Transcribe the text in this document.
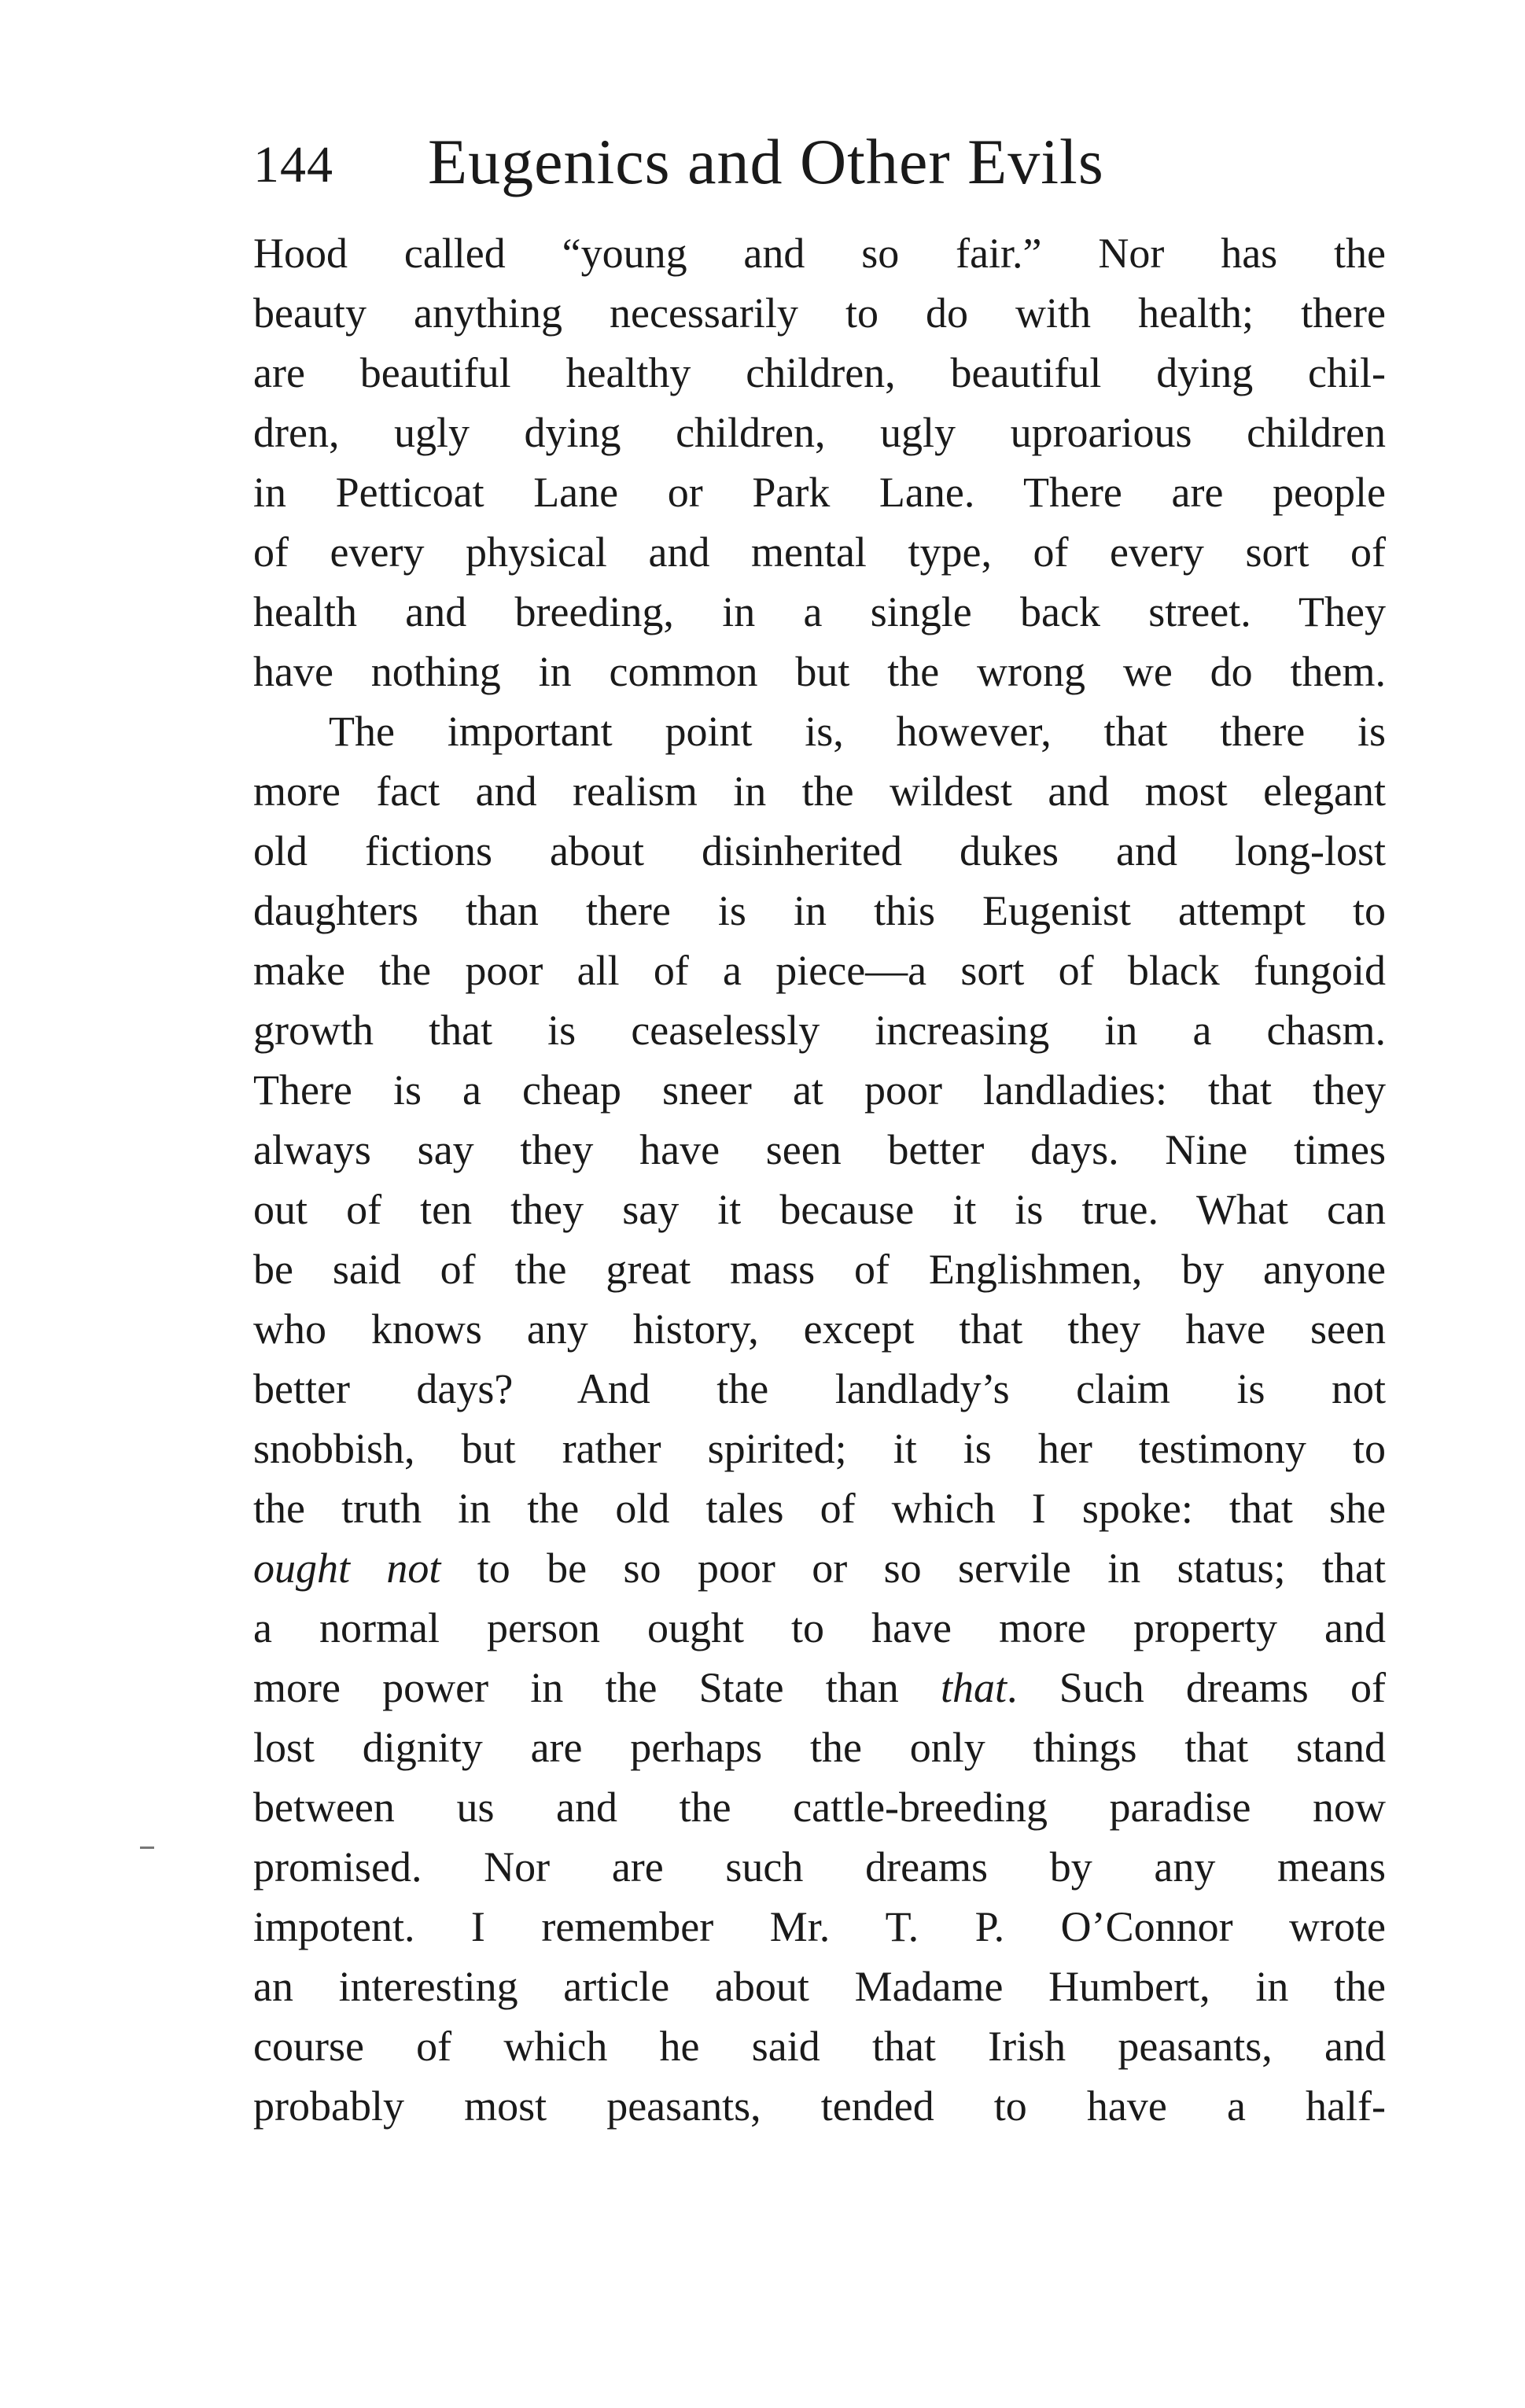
144 Eugenics and Other Evils
Hood called “young and so fair.” Nor has the
beauty anything necessarily to do with health; there
are beautiful healthy children, beautiful dying chil-
dren, ugly dying children, ugly uproarious children
in Petticoat Lane or Park Lane. There are people
of every physical and mental type, of every sort of
health and breeding, in a single back street. They
have nothing in common but the wrong we do them.
The important point is, however, that there is
more fact and realism in the wildest and most elegant
old fictions about disinherited dukes and long-lost
daughters than there is in this Eugenist attempt to
make the poor all of a piece—a sort of black fungoid
growth that is ceaselessly increasing in a chasm.
There is a cheap sneer at poor landladies: that they
always say they have seen better days. Nine times
out of ten they say it because it is true. What can
be said of the great mass of Englishmen, by anyone
who knows any history, except that they have seen
better days? And the landlady’s claim is not
snobbish, but rather spirited; it is her testimony to
the truth in the old tales of which I spoke: that she
ought not to be so poor or so servile in status; that
a normal person ought to have more property and
more power in the State than that. Such dreams of
lost dignity are perhaps the only things that stand
between us and the cattle-breeding paradise now
promised. Nor are such dreams by any means
impotent. I remember Mr. T. P. O’Connor wrote
an interesting article about Madame Humbert, in the
course of which he said that Irish peasants, and
probably most peasants, tended to have a half-
